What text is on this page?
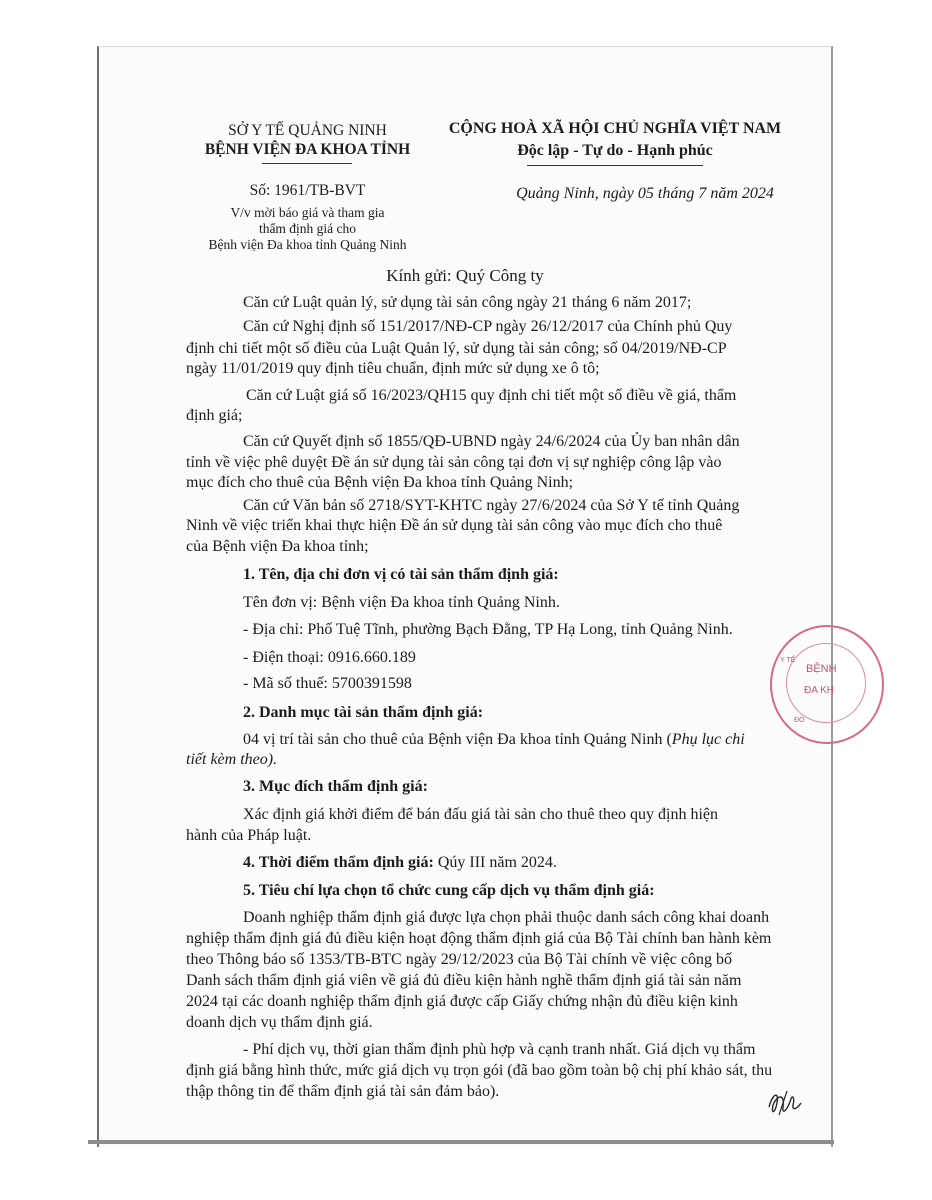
SỞ Y TẾ QUẢNG NINH
BỆNH VIỆN ĐA KHOA TỈNH
Số: 1961/TB-BVT
V/v mời báo giá và tham gia
thẩm định giá cho
Bệnh viện Đa khoa tỉnh Quảng Ninh
CỘNG HOÀ XÃ HỘI CHỦ NGHĨA VIỆT NAM
Độc lập - Tự do - Hạnh phúc
Quảng Ninh, ngày 05 tháng 7 năm 2024
Kính gửi: Quý Công ty
Căn cứ Luật quản lý, sử dụng tài sản công ngày 21 tháng 6 năm 2017;
Căn cứ Nghị định số 151/2017/NĐ-CP ngày 26/12/2017 của Chính phủ Quy
định chi tiết một số điều của Luật Quản lý, sử dụng tài sản công; số 04/2019/NĐ-CP
ngày 11/01/2019 quy định tiêu chuẩn, định mức sử dụng xe ô tô;
Căn cứ Luật giá số 16/2023/QH15 quy định chi tiết một số điều về giá, thẩm
định giá;
Căn cứ Quyết định số 1855/QĐ-UBND ngày 24/6/2024 của Ủy ban nhân dân
tỉnh về việc phê duyệt Đề án sử dụng tài sản công tại đơn vị sự nghiệp công lập vào
mục đích cho thuê của Bệnh viện Đa khoa tỉnh Quảng Ninh;
Căn cứ Văn bản số 2718/SYT-KHTC ngày 27/6/2024 của Sở Y tế tỉnh Quảng
Ninh về việc triển khai thực hiện Đề án sử dụng tài sản công vào mục đích cho thuê
của Bệnh viện Đa khoa tỉnh;
1. Tên, địa chỉ đơn vị có tài sản thẩm định giá:
Tên đơn vị: Bệnh viện Đa khoa tỉnh Quảng Ninh.
- Địa chỉ: Phố Tuệ Tĩnh, phường Bạch Đằng, TP Hạ Long, tỉnh Quảng Ninh.
- Điện thoại: 0916.660.189
- Mã số thuế: 5700391598
2. Danh mục tài sản thẩm định giá:
04 vị trí tài sản cho thuê của Bệnh viện Đa khoa tỉnh Quảng Ninh (Phụ lục chi
tiết kèm theo).
3. Mục đích thẩm định giá:
Xác định giá khởi điểm để bán đấu giá tài sản cho thuê theo quy định hiện
hành của Pháp luật.
4. Thời điểm thẩm định giá: Qúy III năm 2024.
5. Tiêu chí lựa chọn tổ chức cung cấp dịch vụ thẩm định giá:
Doanh nghiệp thẩm định giá được lựa chọn phải thuộc danh sách công khai doanh
nghiệp thẩm định giá đủ điều kiện hoạt động thẩm định giá của Bộ Tài chính ban hành kèm
theo Thông báo số 1353/TB-BTC ngày 29/12/2023 của Bộ Tài chính về việc công bố
Danh sách thẩm định giá viên về giá đủ điều kiện hành nghề thẩm định giá tài sản năm
2024 tại các doanh nghiệp thẩm định giá được cấp Giấy chứng nhận đủ điều kiện kinh
doanh dịch vụ thẩm định giá.
- Phí dịch vụ, thời gian thẩm định phù hợp và cạnh tranh nhất. Giá dịch vụ thẩm
định giá bằng hình thức, mức giá dịch vụ trọn gói (đã bao gồm toàn bộ chị phí khảo sát, thu
thập thông tin để thẩm định giá tài sản đảm bảo).
BỆNH
ĐA KH
Y TẾ
ĐÔ
